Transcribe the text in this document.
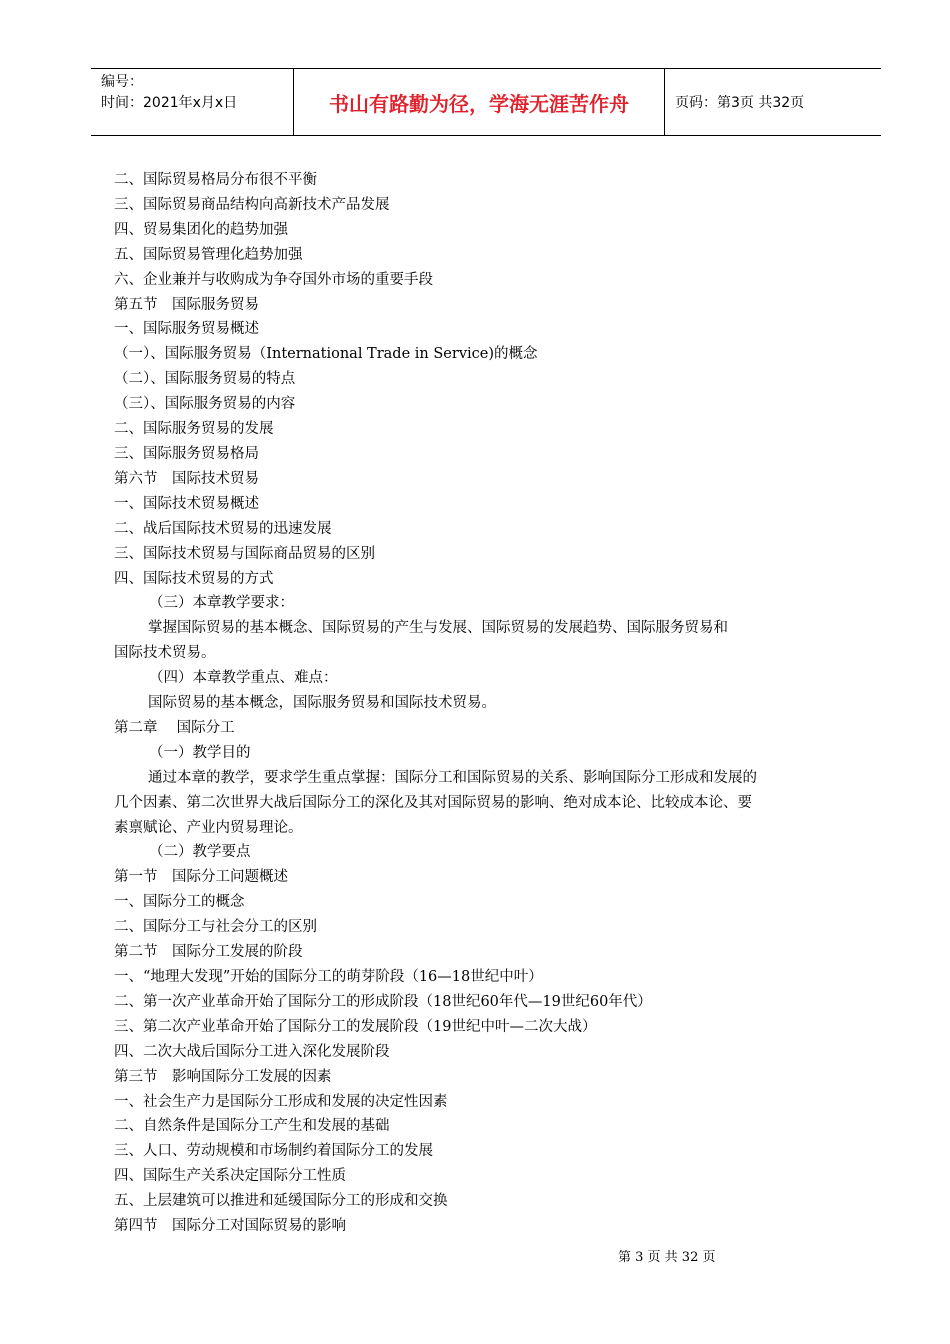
编号：
时间：2021年x月x日	书山有路勤为径，学海无涯苦作舟	页码：第3页 共32页
二、国际贸易格局分布很不平衡
三、国际贸易商品结构向高新技术产品发展
四、贸易集团化的趋势加强
五、国际贸易管理化趋势加强
六、企业兼并与收购成为争夺国外市场的重要手段
第五节　国际服务贸易
一、国际服务贸易概述
（一）、国际服务贸易（International Trade in Service)的概念
（二）、国际服务贸易的特点
（三）、国际服务贸易的内容
二、国际服务贸易的发展
三、国际服务贸易格局
第六节　国际技术贸易
一、国际技术贸易概述
二、战后国际技术贸易的迅速发展
三、国际技术贸易与国际商品贸易的区别
四、国际技术贸易的方式
（三）本章教学要求：
掌握国际贸易的基本概念、国际贸易的产生与发展、国际贸易的发展趋势、国际服务贸易和
国际技术贸易。
（四）本章教学重点、难点：
国际贸易的基本概念，国际服务贸易和国际技术贸易。
第二章　 国际分工
（一）教学目的
通过本章的教学，要求学生重点掌握：国际分工和国际贸易的关系、影响国际分工形成和发展的
几个因素、第二次世界大战后国际分工的深化及其对国际贸易的影响、绝对成本论、比较成本论、要
素禀赋论、产业内贸易理论。
（二）教学要点
第一节　国际分工问题概述
一、国际分工的概念
二、国际分工与社会分工的区别
第二节　国际分工发展的阶段
一、“地理大发现”开始的国际分工的萌芽阶段（16—18世纪中叶）
二、第一次产业革命开始了国际分工的形成阶段（18世纪60年代—19世纪60年代）
三、第二次产业革命开始了国际分工的发展阶段（19世纪中叶—二次大战）
四、二次大战后国际分工进入深化发展阶段
第三节　影响国际分工发展的因素
一、社会生产力是国际分工形成和发展的决定性因素
二、自然条件是国际分工产生和发展的基础
三、人口、劳动规模和市场制约着国际分工的发展
四、国际生产关系决定国际分工性质
五、上层建筑可以推进和延缓国际分工的形成和交换
第四节　国际分工对国际贸易的影响
第 3 页 共 32 页
